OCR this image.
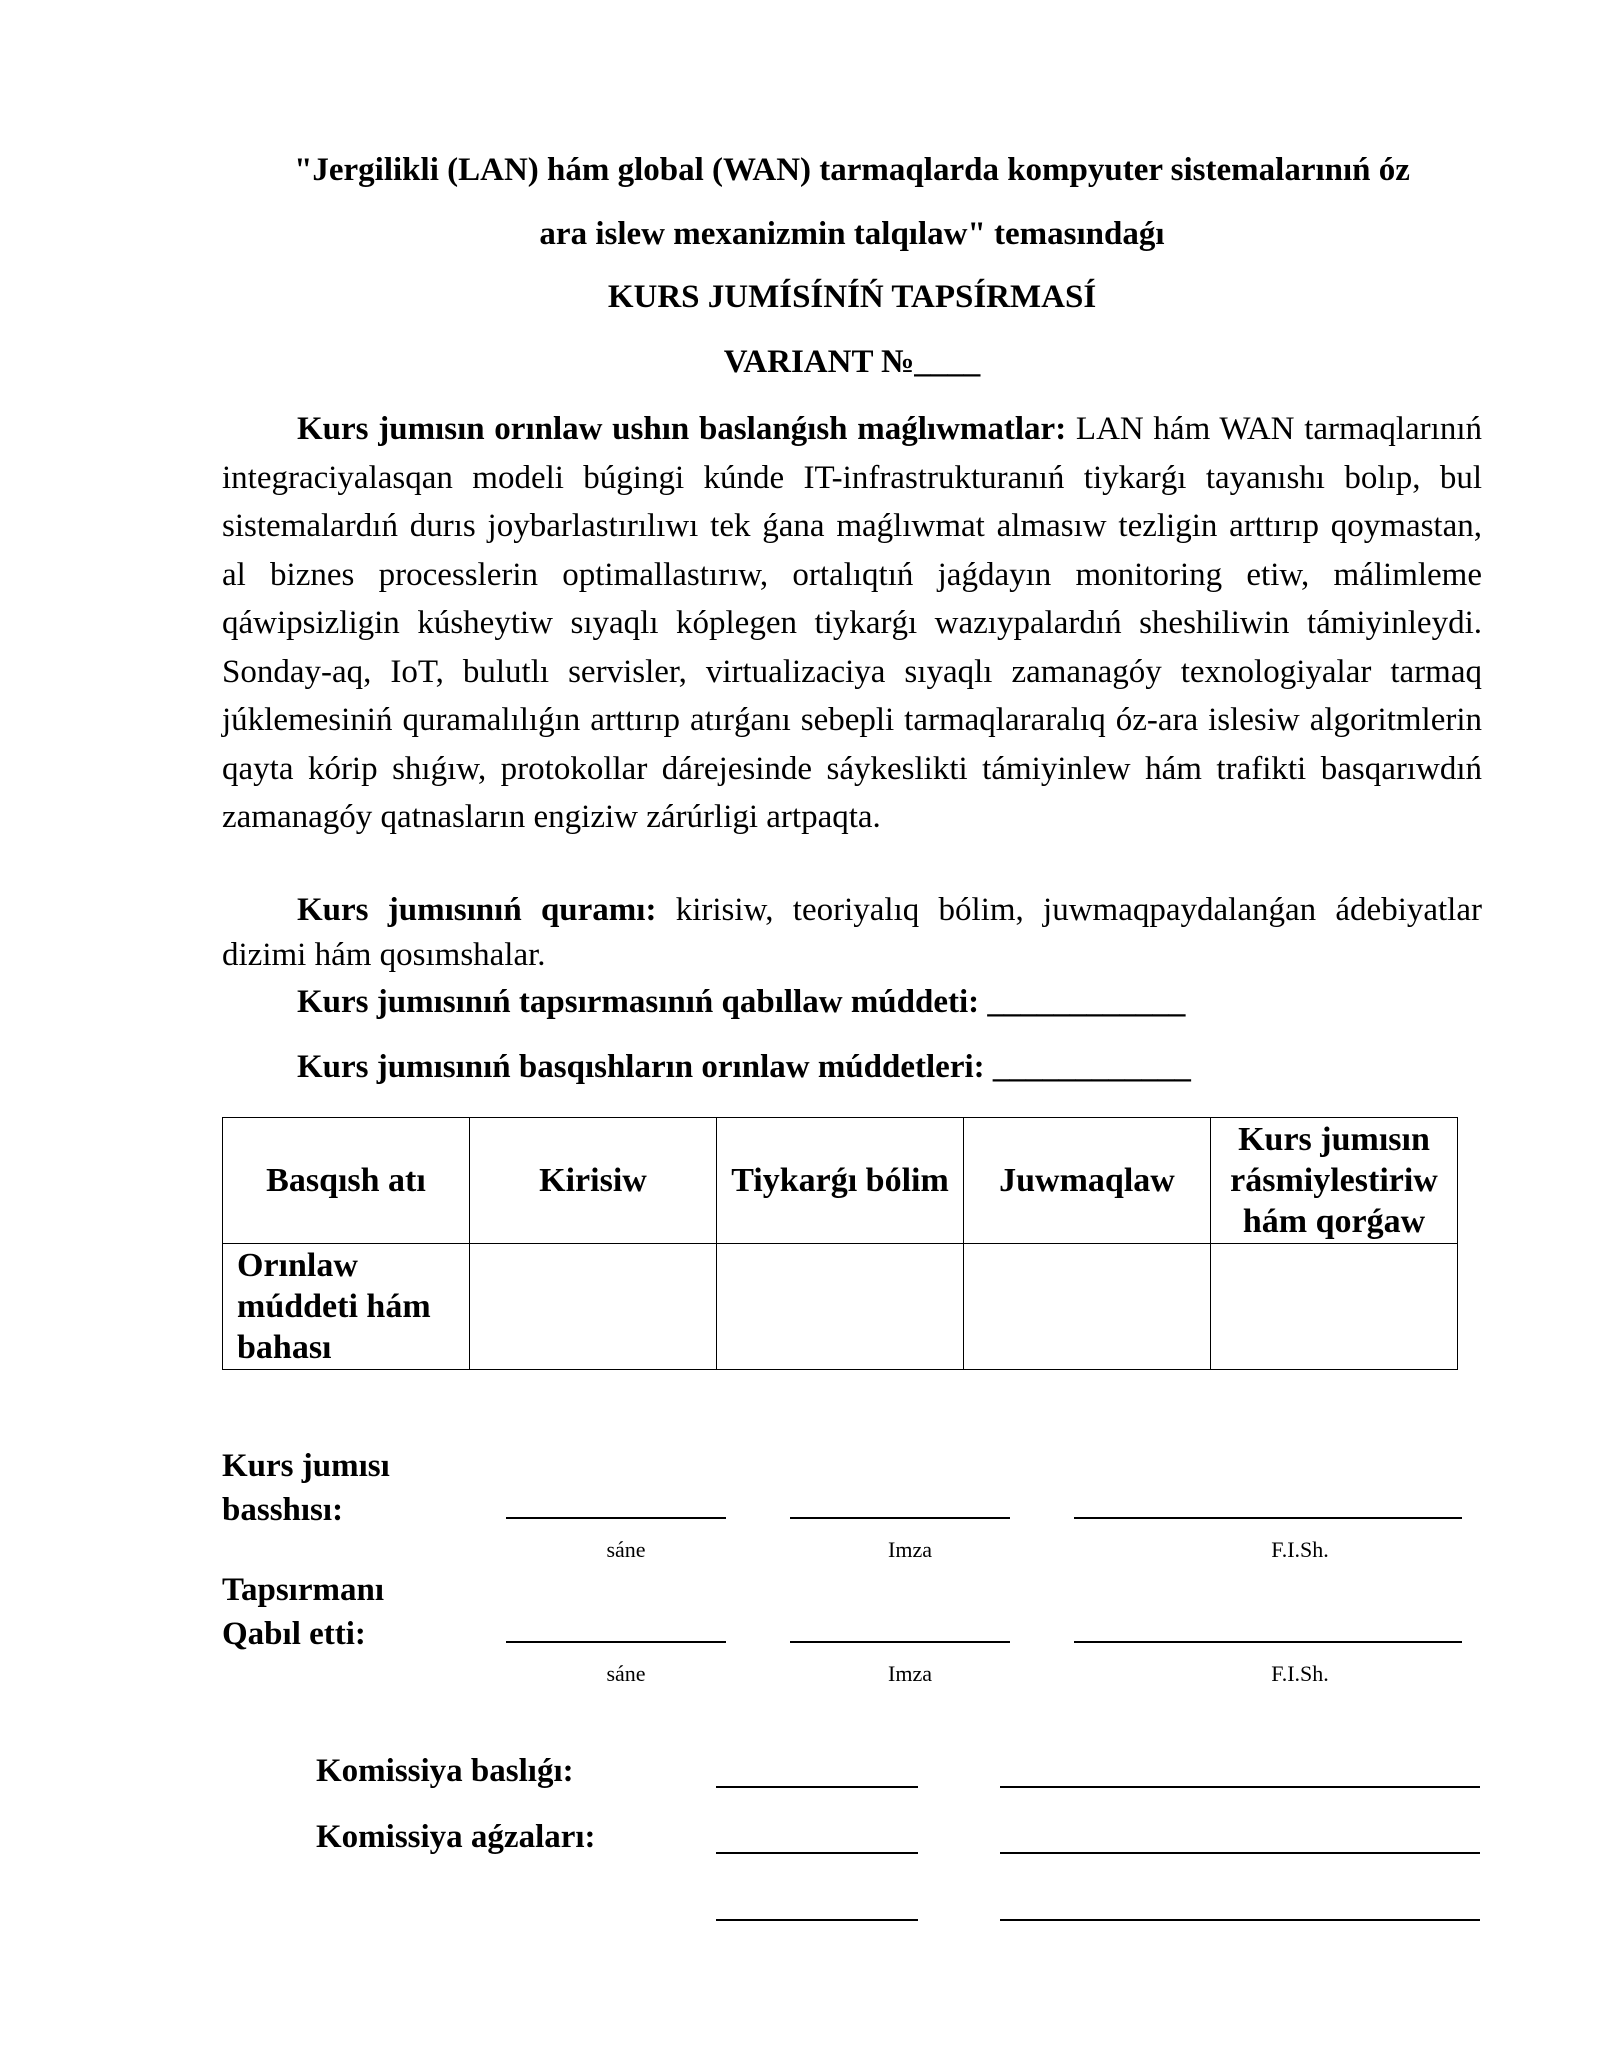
"Jergilikli (LAN) hám global (WAN) tarmaqlarda kompyuter sistemalarınıń óz

ara islew mexanizmin talqılaw" temasındaǵı

KURS JUMÍSÍNÍŃ TAPSÍRMASÍ

VARIANT №____

Kurs jumısın orınlaw ushın baslanǵısh maǵlıwmatlar: LAN hám WAN tarmaqlarınıń integraciyalasqan modeli búgingi kúnde IT-infrastrukturanıń tiykarǵı tayanıshı bolıp, bul sistemalardıń durıs joybarlastırılıwı tek ǵana maǵlıwmat almasıw tezligin arttırıp qoymastan, al biznes processlerin optimallastırıw, ortalıqtıń jaǵdayın monitoring etiw, málimleme qáwipsizligin kúsheytiw sıyaqlı kóplegen tiykarǵı wazıypalardıń sheshiliwin támiyinleydi. Sonday-aq, IoT, bulutlı servisler, virtualizaciya sıyaqlı zamanagóy texnologiyalar tarmaq júklemesiniń quramalılıǵın arttırıp atırǵanı sebepli tarmaqlararalıq óz-ara islesiw algoritmlerin qayta kórip shıǵıw, protokollar dárejesinde sáykeslikti támiyinlew hám trafikti basqarıwdıń zamanagóy qatnasların engiziw zárúrligi artpaqta.

Kurs jumısınıń quramı: kirisiw, teoriyalıq bólim, juwmaqpaydalanǵan ádebiyatlar dizimi hám qosımshalar.

Kurs jumısınıń tapsırmasınıń qabıllaw múddeti: ____________
Kurs jumısınıń basqıshların orınlaw múddetleri: ____________
Basqısh atı	Kirisiw	Tiykarǵı bólim	Juwmaqlaw	Kurs jumısın rásmiylestiriw hám qorǵaw
Orınlaw múddeti hám bahası				
Kurs jumısı basshısı:
sáne	Imza	F.I.Sh.
Tapsırmanı Qabıl etti:
sáne	Imza	F.I.Sh.
Komissiya baslıǵı:
Komissiya aǵzaları:
